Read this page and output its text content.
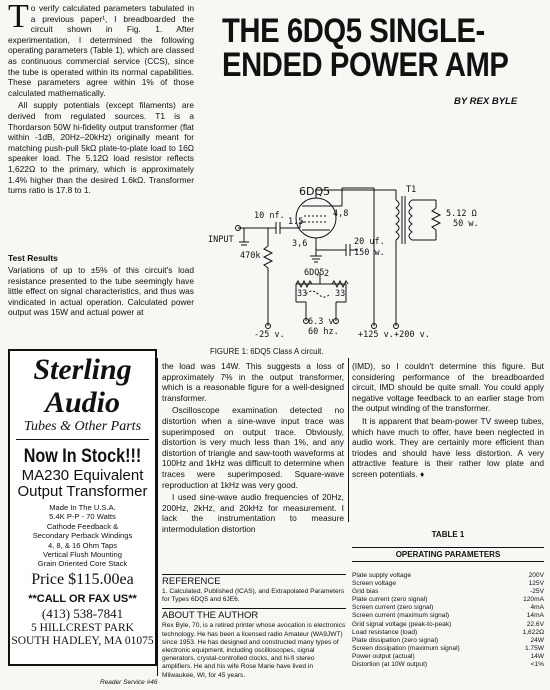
To verify calculated parameters tabulated in a previous paper¹, I breadboarded the circuit shown in Fig. 1. After experimentation, I determined the following operating parameters (Table 1), which are classed as continuous commercial service (CCS), since the tube is operated within its normal capabilities. These parameters agree within 1% of those calculated mathematically.

All supply potentials (except filaments) are derived from regulated sources. T1 is a Thordarson 50W hi-fidelity output transformer (flat within -1dB, 20Hz–20kHz) originally meant for matching push-pull 5kΩ plate-to-plate load to 16Ω speaker load. The 5.12Ω load resistor reflects 1,622Ω to the primary, which is approximately 1.4% higher than the desired 1.6kΩ. Transformer turns ratio is 17.8 to 1.

Test Results

Variations of up to ±5% of this circuit's load resistance presented to the tube seemingly have little effect on signal characteristics, and thus was vindicated in actual operation. Calculated power output was 15W and actual power at

THE 6DQ5 SINGLE-
ENDED POWER AMP
BY REX BYLE
6DQ5
1.5
4,8
3,6
2
10 nf.
INPUT
470k
20 uf.
150 w.
T1
5.12 Ω
50 w.
6DQ5
33	33
-25 v.
6.3 v.
60 hz. +125 v. +200 v.
FIGURE 1: 6DQ5 Class A circuit.
Sterling
Audio
Tubes & Other Parts
Now In Stock!!!
MA230 Equivalent
Output Transformer
Made In The U.S.A.
5.4K P-P - 70 Watts
Cathode Feedback &
Secondary Perback Windings
4, 8, & 16 Ohm Taps
Vertical Flush Mounting
Grain Oriented Core Stack
Price $115.00ea
**CALL OR FAX US**
(413) 538-7841
5 HILLCREST PARK
SOUTH HADLEY, MA 01075
Reader Service #46

the load was 14W. This suggests a loss of approximately 7% in the output transformer, which is a reasonable figure for a well-designed transformer.

Oscilloscope examination detected no distortion when a sine-wave input trace was superimposed on output trace. Obviously, distortion is very much less than 1%, and any distortion of triangle and saw-tooth waveforms at 100Hz and 1kHz was difficult to determine when traces were superimposed. Square-wave reproduction at 1kHz was very good.

I used sine-wave audio frequencies of 20Hz, 200Hz, 2kHz, and 20kHz for measurement. I lack the instrumentation to measure intermodulation distortion

(IMD), so I couldn't determine this figure. But considering performance of the breadboarded circuit, IMD should be quite small. You could apply negative voltage feedback to an earlier stage from the output winding of the transformer.

It is apparent that beam-power TV sweep tubes, which have much to offer, have been neglected in audio work. They are certainly more efficient than triodes and should have less distortion. A very attractive feature is their rather low plate and screen potentials. ♦

REFERENCE
1. Calculated, Published (ICAS), and Extrapolated Parameters for Types 6DQ5 and 6JE6.
ABOUT THE AUTHOR
Rex Byle, 70, is a retired printer whose avocation is electronics technology. He has been a licensed radio Amateur (WA9JWT) since 1953. He has designed and constructed many types of electronic equipment, including oscilloscopes, signal generators, crystal-controlled clocks, and hi-fi stereo amplifiers. He and his wife Rose Marie have lived in Milwaukee, WI, for 45 years.
TABLE 1
OPERATING PARAMETERS
Plate supply voltage	200V
Screen voltage	125V
Grid bias	-25V
Plate current (zero signal)	120mA
Screen current (zero signal)	4mA
Screen current (maximum signal)	14mA
Grid signal voltage (peak-to-peak)	22.6V
Load resistance (load)	1,622Ω
Plate dissipation (zero signal)	24W
Screen dissipation (maximum signal)	1.75W
Power output (actual)	14W
Distortion (at 10W output)	<1%
